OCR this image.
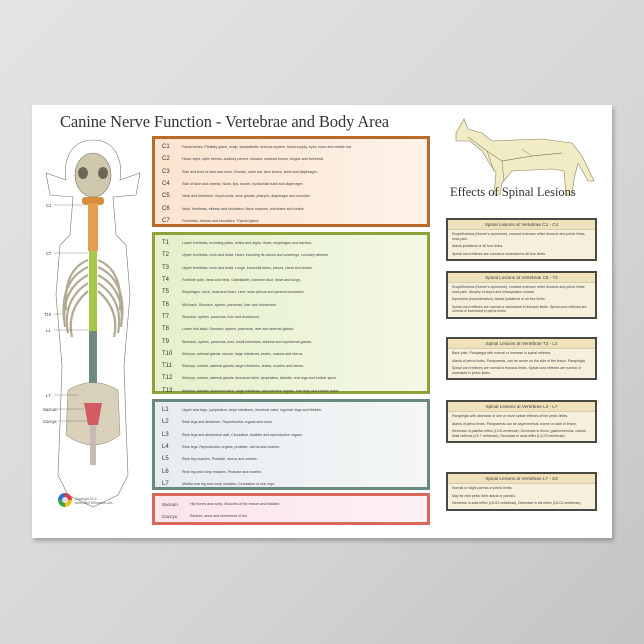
Canine Nerve Function - Vertebrae and Body Area
C1
C7
T10
L1
L7
Sacrum
Coccyx
C1	Facial bones. Pituitary gland, scalp, sympathetic nervous system, blood supply, eyes, inner and middle ear.
C2	Head, eyes, optic nerves, auditory nerves, sinuses, mastoid bones, tongue and forehead.
C3	Side and front of face and neck. Cheeks, outer ear, face bones, teeth and diaphragm.
C4	Side of face and cheeks. Nose, lips, mouth, eustachian tube and diaphragm.
C5	Neck and forelimbs. Vocal cords, neck glands, pharynx, diaphragm and shoulder.
C6	Neck, forelimbs, elbows and shoulders. Neck muscles, shoulders and tonsils.
C7	Forelimbs, elbows and shoulders. Thyroid gland.
T1	Lower forelimbs, including paws, wrists and digits. Heart, esophagus and trachea.
T2	Upper forelimbs, neck and head. Heart, including its valves and coverings, coronary arteries.
T3	Upper forelimbs, neck and head. Lungs, bronchial tubes, pleura, chest and breast.
T4	Forelimb pain, head and neck. Gallbladder, common duct, heart and lungs.
T5	Esophagus, neck, head and heart. Liver, solar plexus and general circulation.
T6	Mid-back. Stomach, spleen, pancreas, liver and duodenum.
T7	Stomach, spleen, pancreas, liver and duodenum.
T8	Lower mid-back. Stomach, spleen, pancreas, liver and adrenal glands.
T9	Stomach, spleen, pancreas, liver, small intestines, adrenal and suprarenal glands.
T10	Kidneys, adrenal glands, cecum, large intestines, testes, ovaries and uterus.
T11	Kidneys, ureters, adrenal glands, large intestines, testes, ovaries and uterus.
T12	Kidneys, ureters, adrenal glands, ileocecal valve, lymphatics, bladder, rear legs and lumbar spine.
T13	Kidneys, bladder, ileocecal valve, large intestines, reproductive organs, rear legs and lumbar spine.
L1	Upper rear legs. Lymphatics, large intestines, ileocecal valve, inguinal rings and bladder.
L2	Rear legs and abdomen. Reproductive organs and colon.
L3	Rear legs and abdominal wall. Circulation, bladder and reproductive organs.
L4	Rear legs. Reproductive organs, prostate, uterus and ovaries.
L5	Rear leg muscles. Prostate, uterus and ovaries.
L6	Rear leg and rump muscles. Prostate and ovaries.
L7	Medial rear leg and rump muscles. Circulation of rear legs.
Sacrum	Hip bones and rump. Muscles of the rectum and bladder.
Coccyx	Rectum, anus and movement of tail.
Effects of Spinal Lesions
Spinal Lesions at Vertebrae C1 - C4
Enophthalmos (Horner's syndrome), crossed extensor reflex thoracic and pelvic limbs, neck pain.
Ataxia ipsilateral or all four limbs.
Spinal cord reflexes are normal or increased in all four limbs.
Spinal Lesions at Vertebrae C5 - T2
Enophthalmos (Horner's syndrome), crossed extensor reflex thoracic and pelvic limbs, neck pain. Atrophy of supra and infraspinatus muscle.
Dysmetria (incoordination). Ataxia ipsilateral or all four limbs.
Spinal cord reflexes are normal or decreased in thoracic limbs. Spinal cord reflexes are normal or increased in pelvic limbs.
Spinal Lesions at Vertebrae T3 - L2
Back pain. Paraplegia with normal or increase in spinal reflexes.
Ataxia of pelvic limbs. Paraparesis, can be worse on the side of the lesion. Paraplegia.
Spinal cord reflexes are normal in thoracic limbs. Spinal cord reflexes are normal or increased in pelvic limbs.
Spinal Lesions at Vertebrae L3 - L7
Paraplegia with decrease of one or more spinal reflexes of the pelvic limbs.
Ataxia of pelvic limbs. Paraparesis can be asymmetrical, worse on side of lesion.
Decrease in patellar reflex (L3-5 vertebrae). Decrease in flexor, gastrocnemius, cranial tibial reflexes (L5-7 vertebrae). Decrease in anal reflex (L3-S3 vertebrae).
Spinal Lesions at Vertebrae L7 - S3
Normal or slight paresis in pelvic limbs.
May be mild pelvic limb ataxia or paresis.
Decrease in anal reflex (L5-S3 vertebrae). Decrease in tail reflex (L6-Cd vertebrae).
Copyright 2013
www.KittyTHRidsdale.com
